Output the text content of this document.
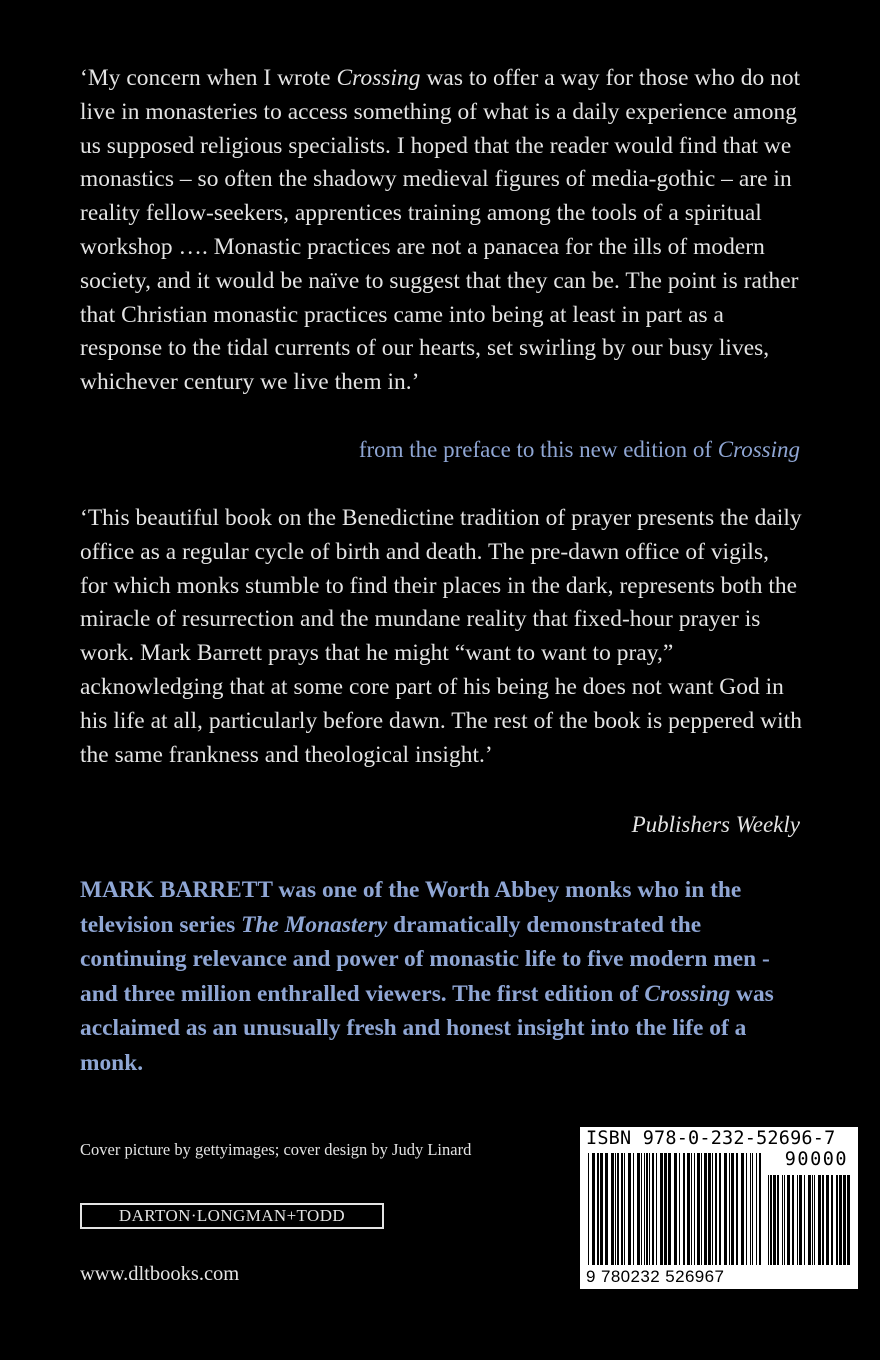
‘My concern when I wrote Crossing was to offer a way for those who do not live in monasteries to access something of what is a daily experience among us supposed religious specialists. I hoped that the reader would find that we monastics – so often the shadowy medieval figures of media-gothic – are in reality fellow-seekers, apprentices training among the tools of a spiritual workshop …. Monastic practices are not a panacea for the ills of modern society, and it would be naïve to suggest that they can be. The point is rather that Christian monastic practices came into being at least in part as a response to the tidal currents of our hearts, set swirling by our busy lives, whichever century we live them in.’

from the preface to this new edition of Crossing

‘This beautiful book on the Benedictine tradition of prayer presents the daily office as a regular cycle of birth and death. The pre-dawn office of vigils, for which monks stumble to find their places in the dark, represents both the miracle of resurrection and the mundane reality that fixed-hour prayer is work. Mark Barrett prays that he might “want to want to pray,” acknowledging that at some core part of his being he does not want God in his life at all, particularly before dawn. The rest of the book is peppered with the same frankness and theological insight.’

Publishers Weekly

MARK BARRETT was one of the Worth Abbey monks who in the television series The Monastery dramatically demonstrated the continuing relevance and power of monastic life to five modern men - and three million enthralled viewers. The first edition of Crossing was acclaimed as an unusually fresh and honest insight into the life of a monk.

Cover picture by gettyimages; cover design by Judy Linard

DARTON·LONGMAN+TODD

www.dltbooks.com

ISBN 978-0-232-52696-7
90000
9 780232 526967
